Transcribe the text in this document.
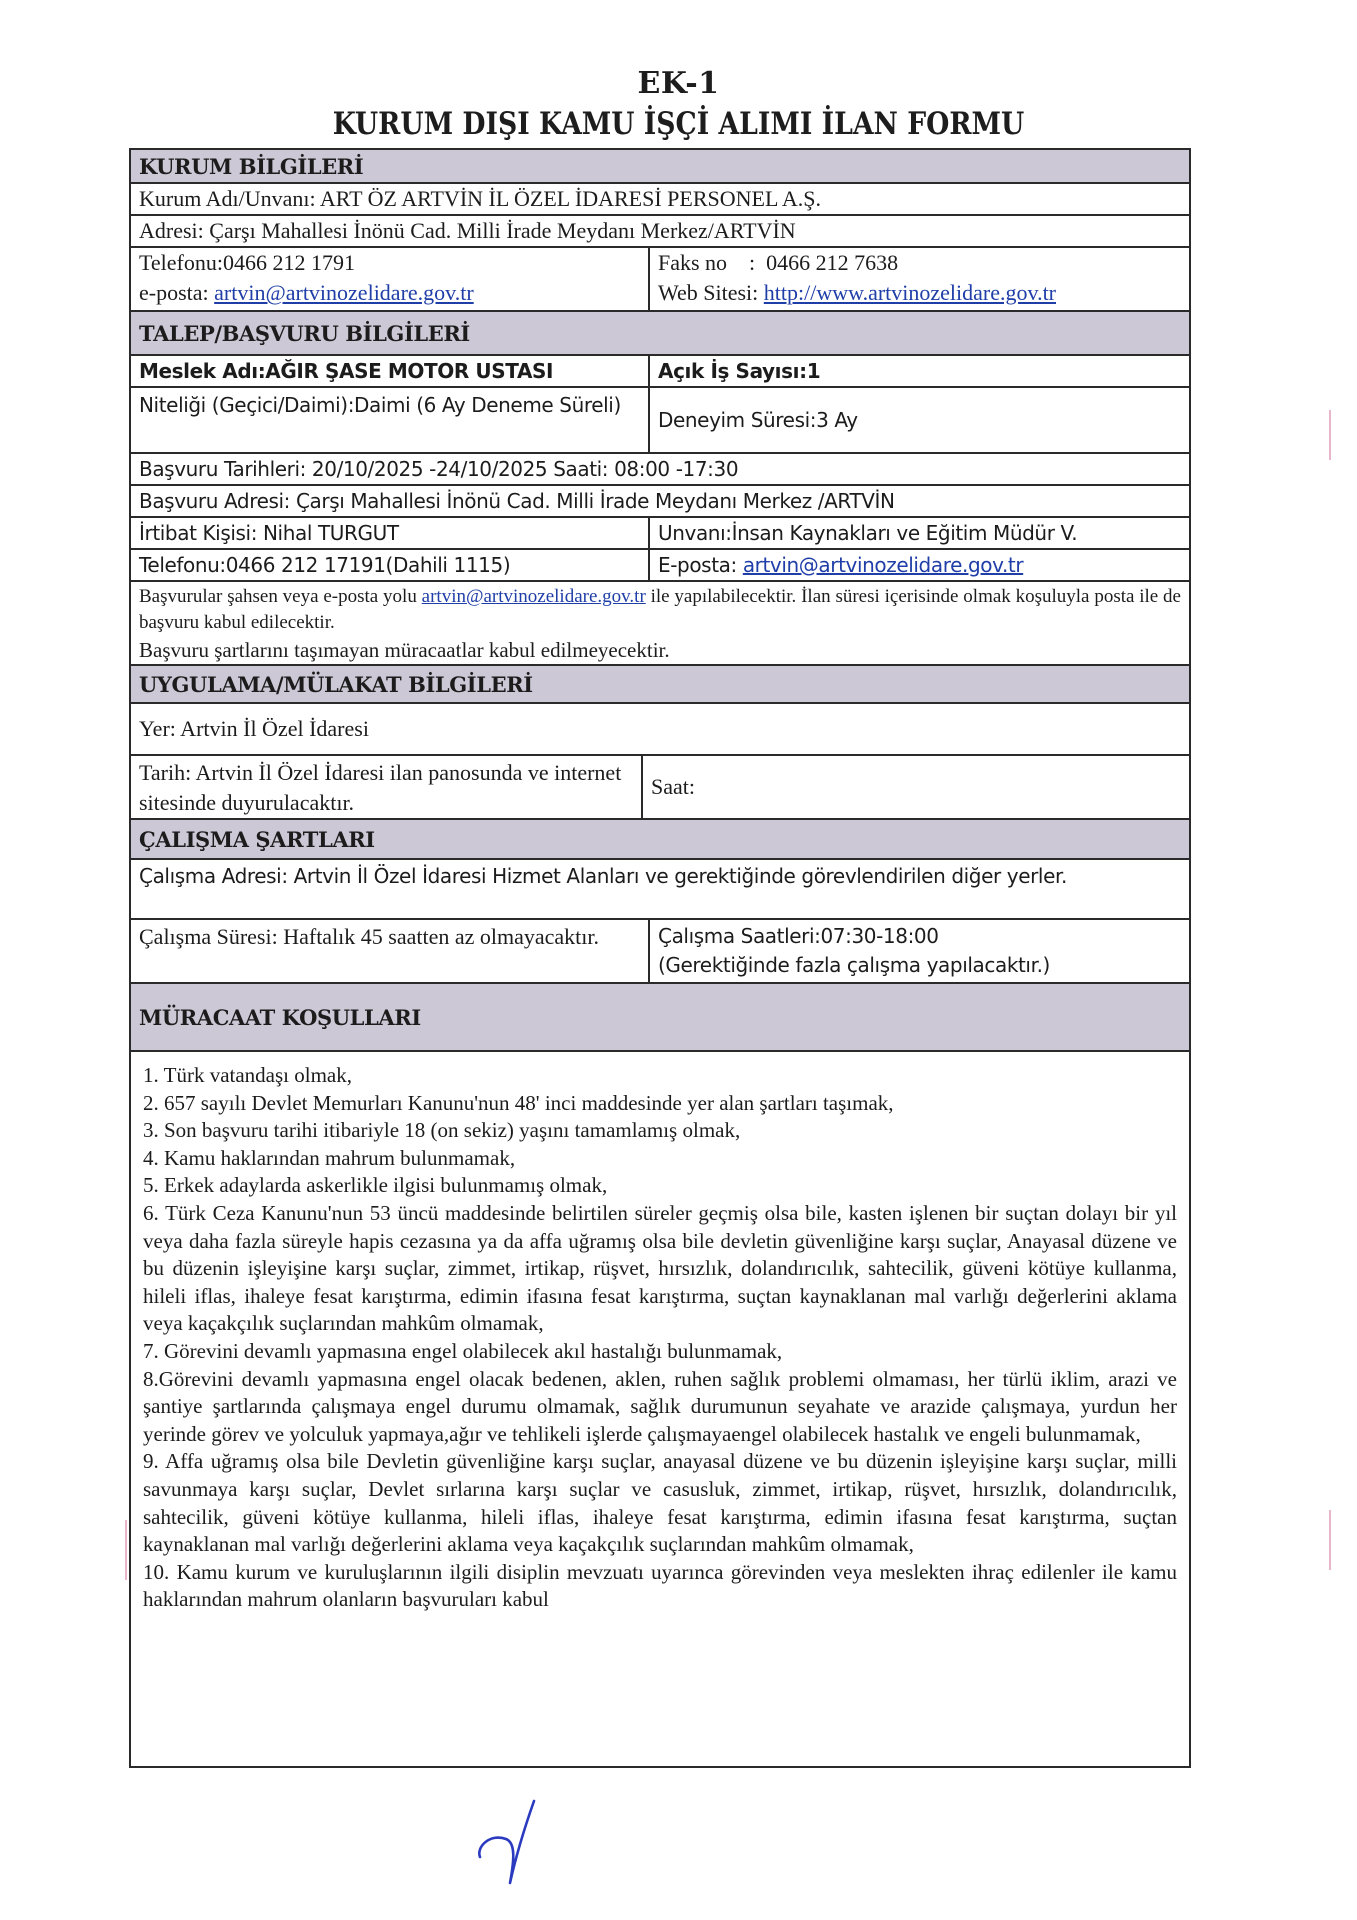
EK-1
KURUM DIŞI KAMU İŞÇİ ALIMI İLAN FORMU
KURUM BİLGİLERİ
Kurum Adı/Unvanı: ART ÖZ ARTVİN İL ÖZEL İDARESİ PERSONEL A.Ş.
Adresi: Çarşı Mahallesi İnönü Cad. Milli İrade Meydanı Merkez/ARTVİN
Telefonu:0466 212 1791
e-posta: artvin@artvinozelidare.gov.tr
Faks no    :  0466 212 7638
Web Sitesi: http://www.artvinozelidare.gov.tr
TALEP/BAŞVURU BİLGİLERİ
Meslek Adı:AĞIR ŞASE MOTOR USTASI	Açık İş Sayısı:1
Niteliği (Geçici/Daimi):Daimi (6 Ay Deneme Süreli)
Deneyim Süresi:3 Ay
Başvuru Tarihleri: 20/10/2025 -24/10/2025 Saati: 08:00 -17:30
Başvuru Adresi: Çarşı Mahallesi İnönü Cad. Milli İrade Meydanı Merkez /ARTVİN
İrtibat Kişisi: Nihal TURGUT	Unvanı:İnsan Kaynakları ve Eğitim Müdür V.
Telefonu:0466 212 17191(Dahili 1115)	E-posta: artvin@artvinozelidare.gov.tr
Başvurular şahsen veya e-posta yolu artvin@artvinozelidare.gov.tr ile yapılabilecektir. İlan süresi içerisinde olmak koşuluyla posta ile de başvuru kabul edilecektir.
Başvuru şartlarını taşımayan müracaatlar kabul edilmeyecektir.
UYGULAMA/MÜLAKAT BİLGİLERİ
Yer: Artvin İl Özel İdaresi
Tarih: Artvin İl Özel İdaresi ilan panosunda ve internet sitesinde duyurulacaktır.
Saat:
ÇALIŞMA ŞARTLARI
Çalışma Adresi: Artvin İl Özel İdaresi Hizmet Alanları ve gerektiğinde görevlendirilen diğer yerler.
Çalışma Süresi: Haftalık 45 saatten az olmayacaktır.	Çalışma Saatleri:07:30-18:00
(Gerektiğinde fazla çalışma yapılacaktır.)
MÜRACAAT KOŞULLARI

1. Türk vatandaşı olmak,

2. 657 sayılı Devlet Memurları Kanunu'nun 48' inci maddesinde yer alan şartları taşımak,

3. Son başvuru tarihi itibariyle 18 (on sekiz) yaşını tamamlamış olmak,

4. Kamu haklarından mahrum bulunmamak,

5. Erkek adaylarda askerlikle ilgisi bulunmamış olmak,

6. Türk Ceza Kanunu'nun 53 üncü maddesinde belirtilen süreler geçmiş olsa bile, kasten işlenen bir suçtan dolayı bir yıl veya daha fazla süreyle hapis cezasına ya da affa uğramış olsa bile devletin güvenliğine karşı suçlar, Anayasal düzene ve bu düzenin işleyişine karşı suçlar, zimmet, irtikap, rüşvet, hırsızlık, dolandırıcılık, sahtecilik, güveni kötüye kullanma, hileli iflas, ihaleye fesat karıştırma, edimin ifasına fesat karıştırma, suçtan kaynaklanan mal varlığı değerlerini aklama veya kaçakçılık suçlarından mahkûm olmamak,

7. Görevini devamlı yapmasına engel olabilecek akıl hastalığı bulunmamak,

8.Görevini devamlı yapmasına engel olacak bedenen, aklen, ruhen sağlık problemi olmaması, her türlü iklim, arazi ve şantiye şartlarında çalışmaya engel durumu olmamak, sağlık durumunun seyahate ve arazide çalışmaya, yurdun her yerinde görev ve yolculuk yapmaya,ağır ve tehlikeli işlerde çalışmayaengel olabilecek hastalık ve engeli bulunmamak,

9. Affa uğramış olsa bile Devletin güvenliğine karşı suçlar, anayasal düzene ve bu düzenin işleyişine karşı suçlar, milli savunmaya karşı suçlar, Devlet sırlarına karşı suçlar ve casusluk, zimmet, irtikap, rüşvet, hırsızlık, dolandırıcılık, sahtecilik, güveni kötüye kullanma, hileli iflas, ihaleye fesat karıştırma, edimin ifasına fesat karıştırma, suçtan kaynaklanan mal varlığı değerlerini aklama veya kaçakçılık suçlarından mahkûm olmamak,

10. Kamu kurum ve kuruluşlarının ilgili disiplin mevzuatı uyarınca görevinden veya meslekten ihraç edilenler ile kamu haklarından mahrum olanların başvuruları kabul
